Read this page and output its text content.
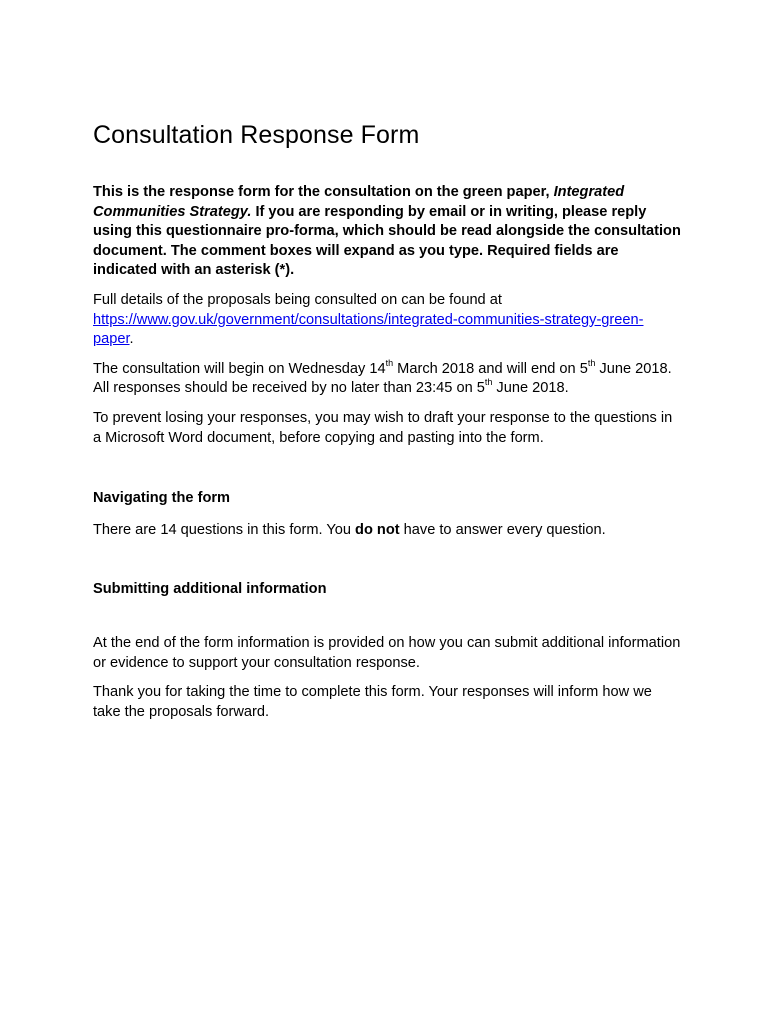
Consultation Response Form

This is the response form for the consultation on the green paper, Integrated Communities Strategy. If you are responding by email or in writing, please reply using this questionnaire pro-forma, which should be read alongside the consultation document. The comment boxes will expand as you type. Required fields are indicated with an asterisk (*).

Full details of the proposals being consulted on can be found at https://www.gov.uk/government/consultations/integrated-communities-strategy-green-paper.

The consultation will begin on Wednesday 14th March 2018 and will end on 5th June 2018. All responses should be received by no later than 23:45 on 5th June 2018.

To prevent losing your responses, you may wish to draft your response to the questions in a Microsoft Word document, before copying and pasting into the form.

Navigating the form

There are 14 questions in this form. You do not have to answer every question.

Submitting additional information

At the end of the form information is provided on how you can submit additional information or evidence to support your consultation response.

Thank you for taking the time to complete this form. Your responses will inform how we take the proposals forward.
